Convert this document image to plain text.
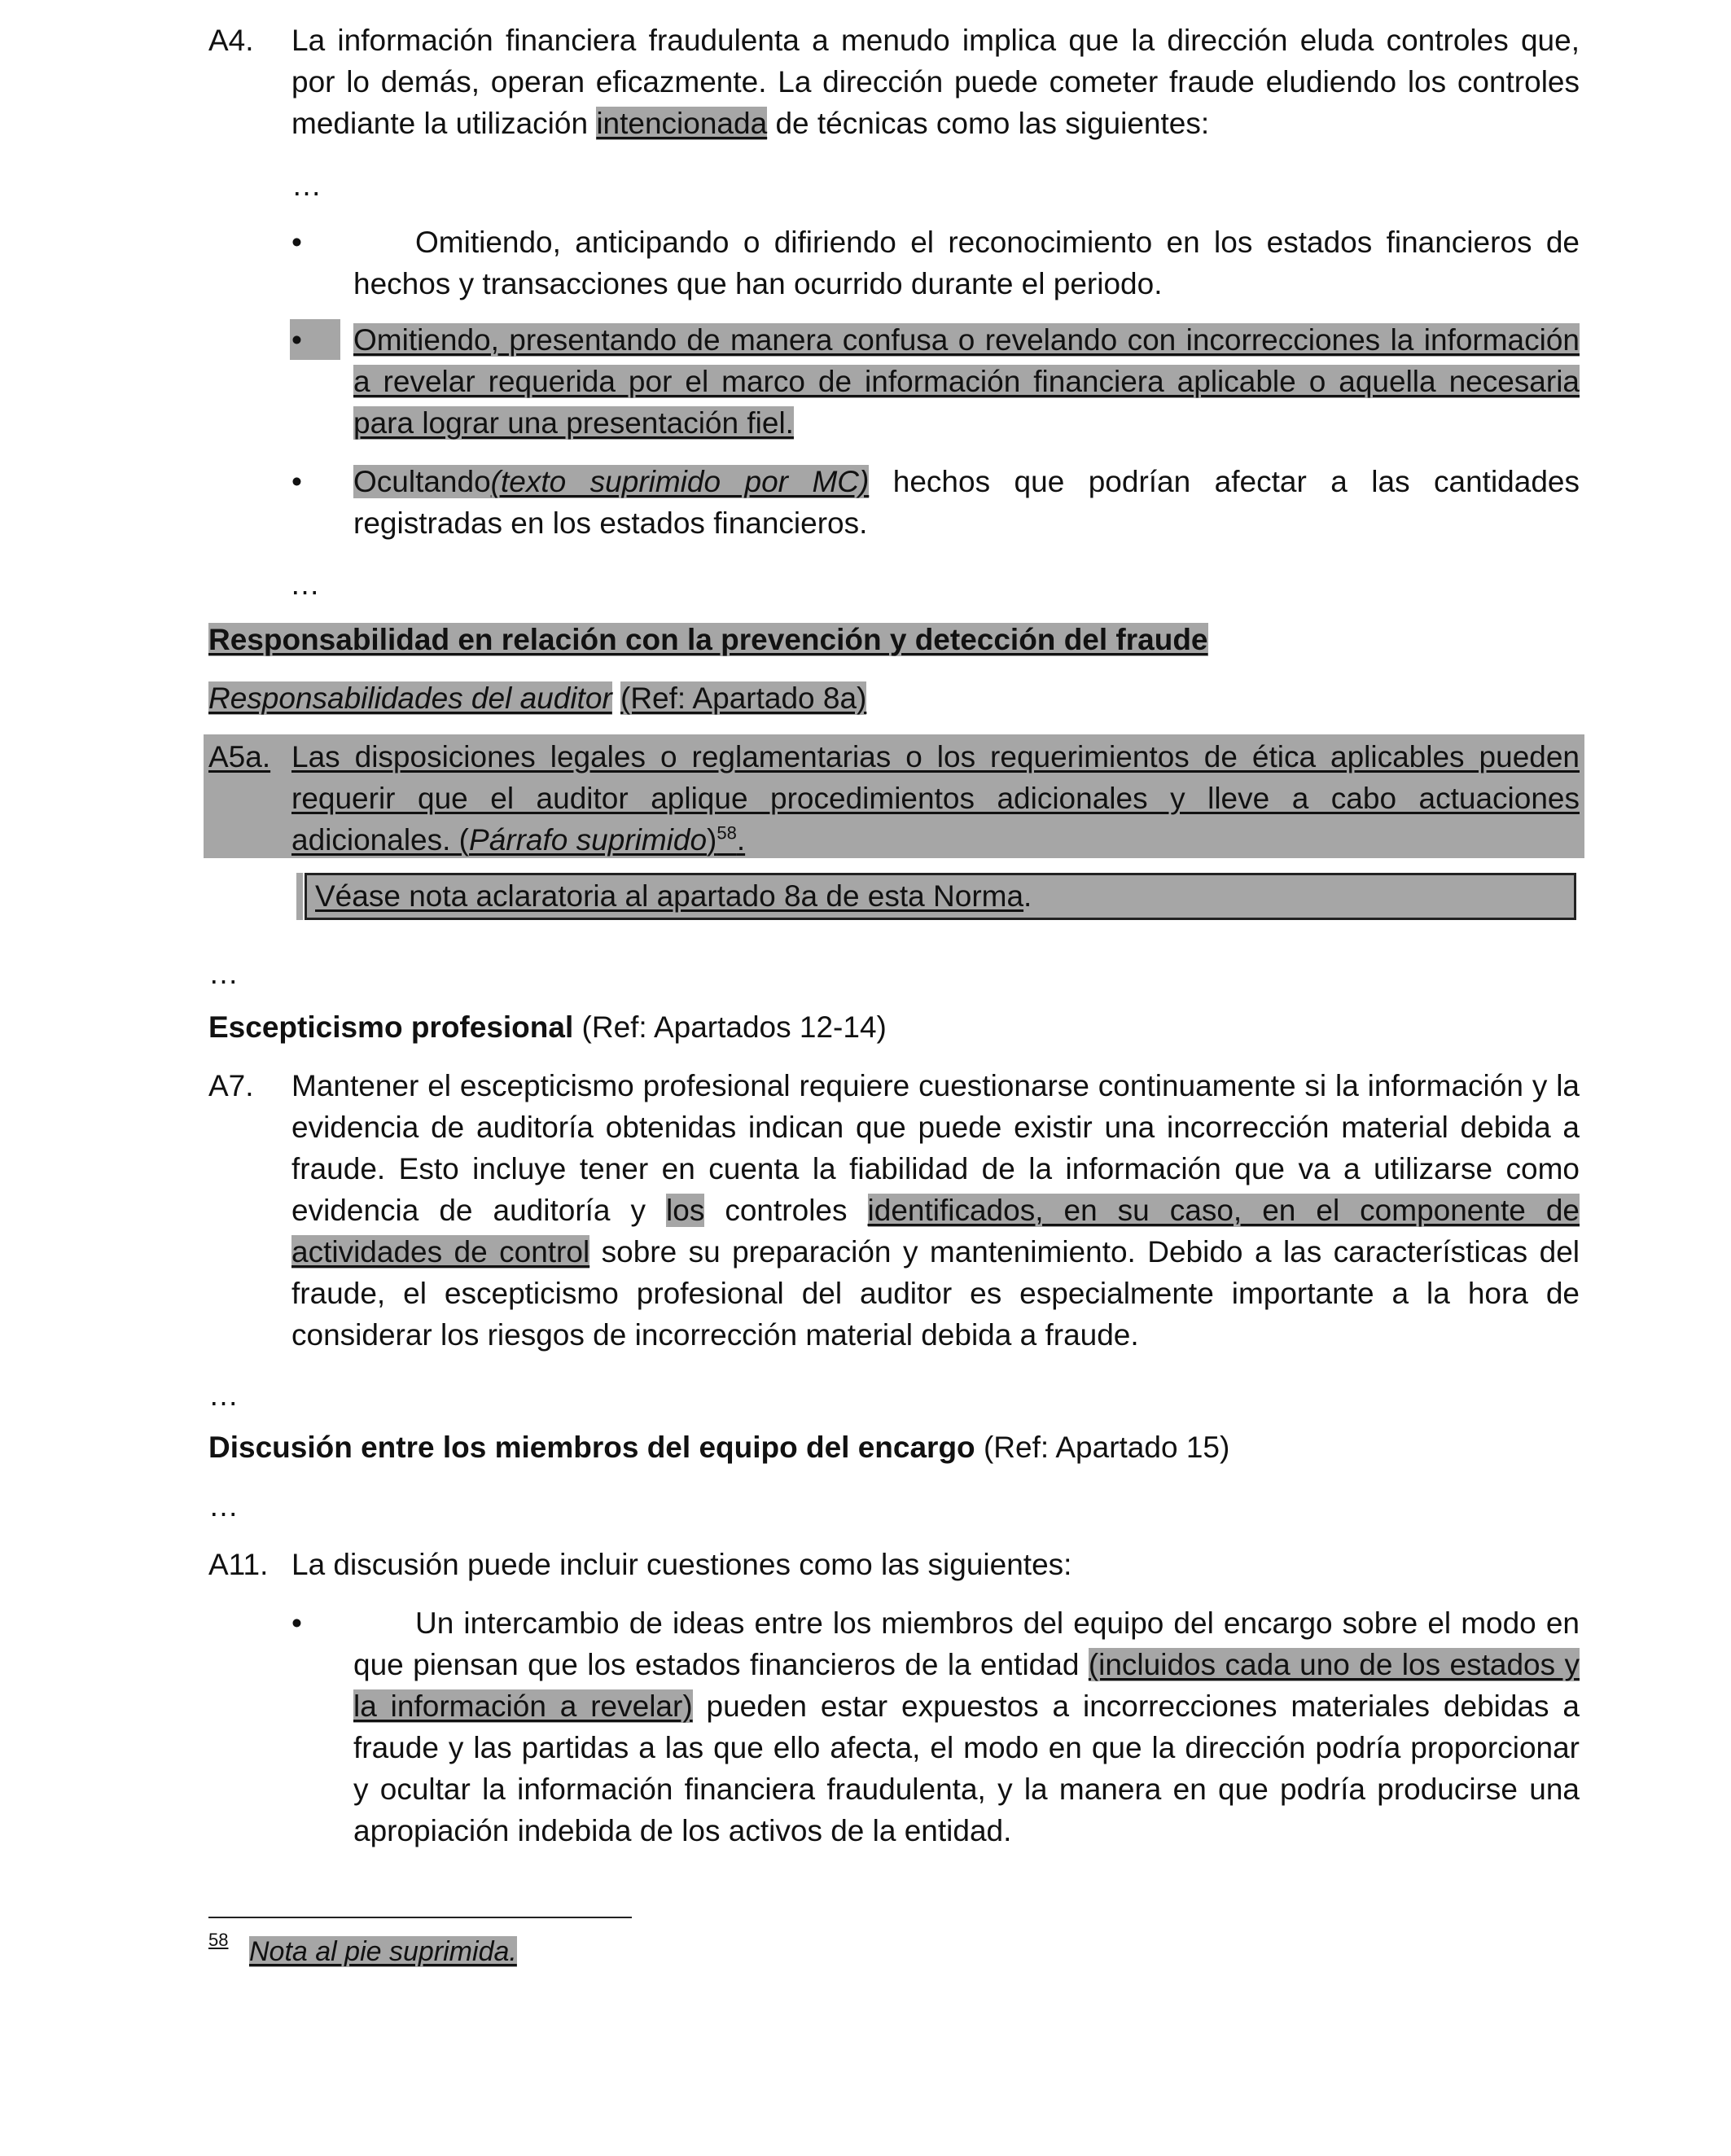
A4. La información financiera fraudulenta a menudo implica que la dirección eluda controles que, por lo demás, operan eficazmente. La dirección puede cometer fraude eludiendo los controles mediante la utilización intencionada de técnicas como las siguientes:
…
•	Omitiendo, anticipando o difiriendo el reconocimiento en los estados financieros de hechos y transacciones que han ocurrido durante el periodo.
• Omitiendo, presentando de manera confusa o revelando con incorrecciones la información a revelar requerida por el marco de información financiera aplicable o aquella necesaria para lograr una presentación fiel.
• Ocultando(texto suprimido por MC) hechos que podrían afectar a las cantidades registradas en los estados financieros.
…
Responsabilidad en relación con la prevención y detección del fraude
Responsabilidades del auditor (Ref: Apartado 8a)
A5a. Las disposiciones legales o reglamentarias o los requerimientos de ética aplicables pueden requerir que el auditor aplique procedimientos adicionales y lleve a cabo actuaciones adicionales. (Párrafo suprimido)$^{58}$.
Véase nota aclaratoria al apartado 8a de esta Norma.
…
Escepticismo profesional (Ref: Apartados 12-14)
A7. Mantener el escepticismo profesional requiere cuestionarse continuamente si la información y la evidencia de auditoría obtenidas indican que puede existir una incorrección material debida a fraude. Esto incluye tener en cuenta la fiabilidad de la información que va a utilizarse como evidencia de auditoría y los controles identificados, en su caso, en el componente de actividades de control sobre su preparación y mantenimiento. Debido a las características del fraude, el escepticismo profesional del auditor es especialmente importante a la hora de considerar los riesgos de incorrección material debida a fraude.
…
Discusión entre los miembros del equipo del encargo (Ref: Apartado 15)
…
A11. La discusión puede incluir cuestiones como las siguientes:
•	Un intercambio de ideas entre los miembros del equipo del encargo sobre el modo en que piensan que los estados financieros de la entidad (incluidos cada uno de los estados y la información a revelar) pueden estar expuestos a incorrecciones materiales debidas a fraude y las partidas a las que ello afecta, el modo en que la dirección podría proporcionar y ocultar la información financiera fraudulenta, y la manera en que podría producirse una apropiación indebida de los activos de la entidad.
58 Nota al pie suprimida.
